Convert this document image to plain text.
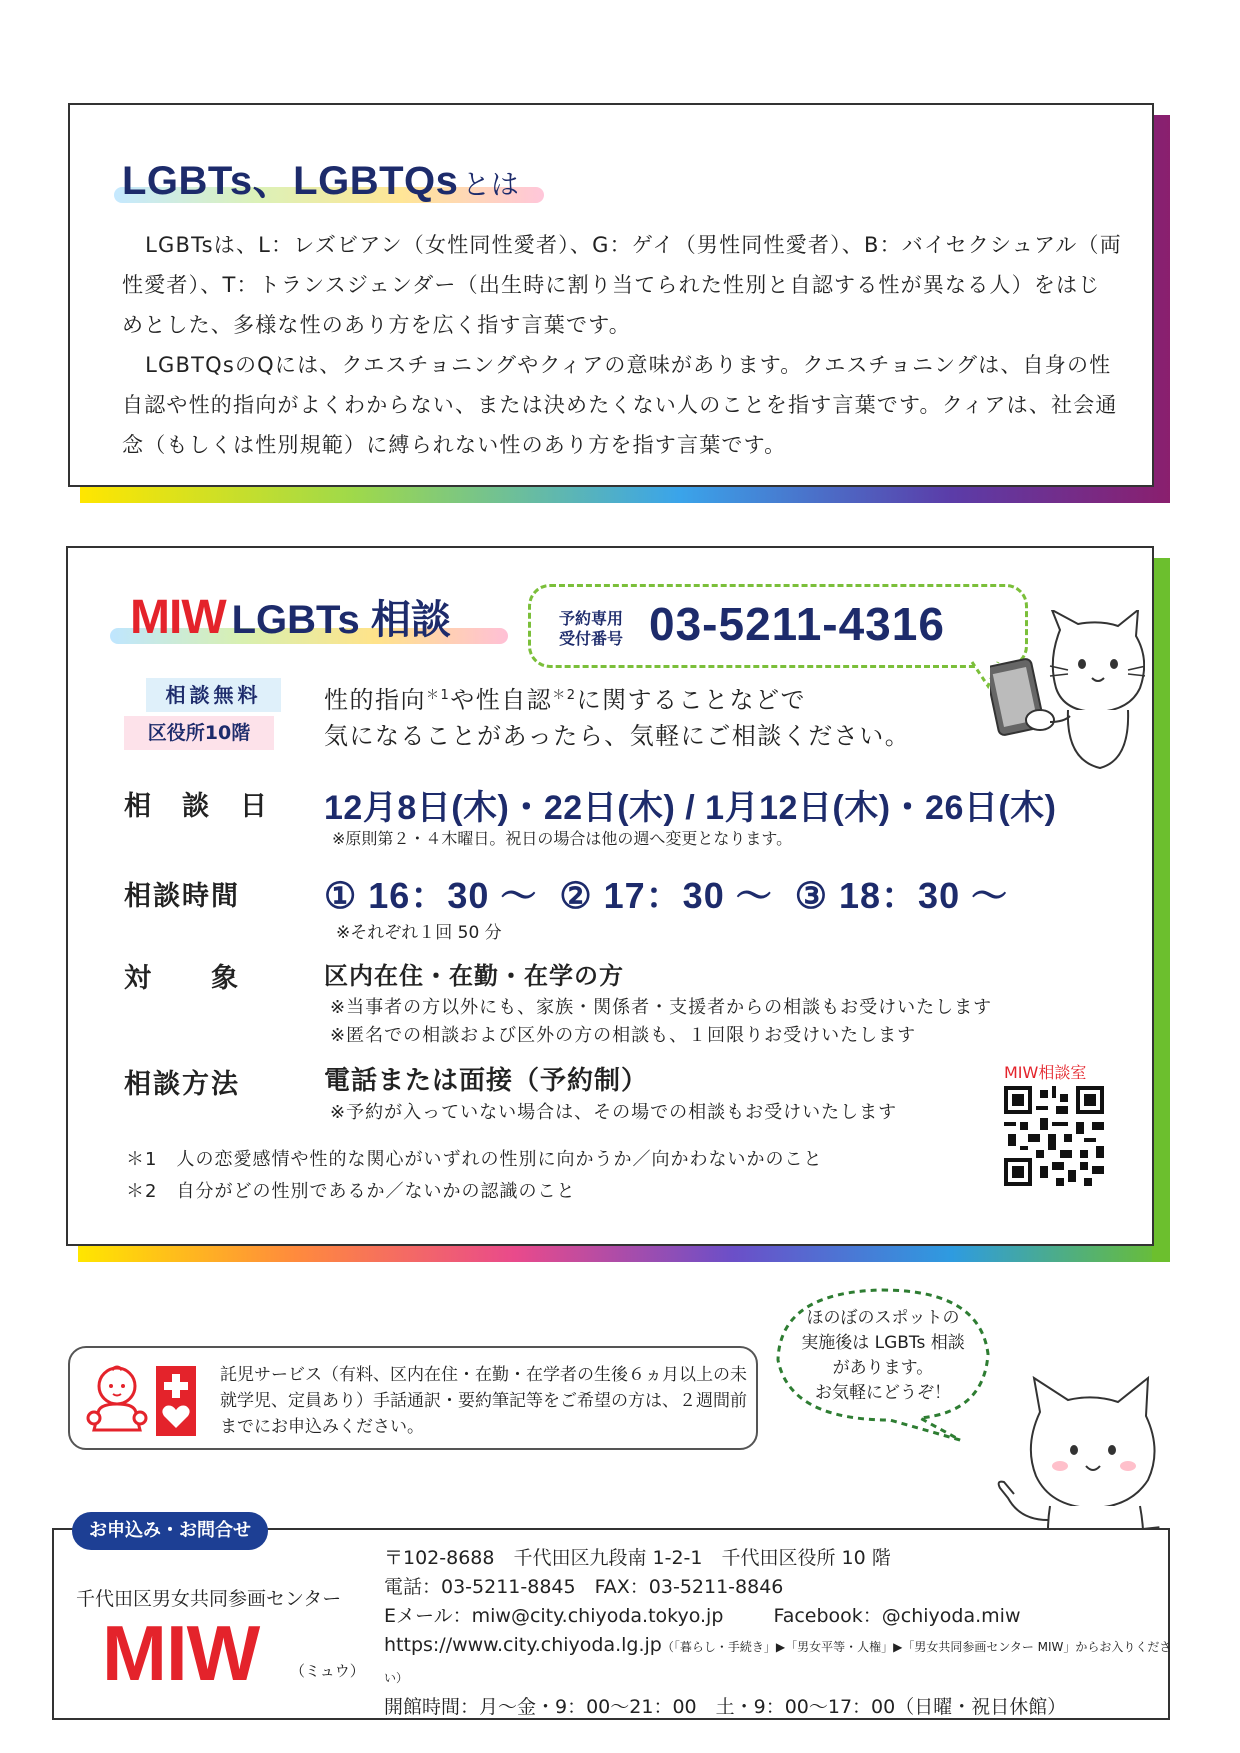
LGBTs、LGBTQs とは

LGBTsは、L：レズビアン（女性同性愛者）、G：ゲイ（男性同性愛者）、B：バイセクシュアル（両性愛者）、T：トランスジェンダー（出生時に割り当てられた性別と自認する性が異なる人）をはじめとした、多様な性のあり方を広く指す言葉です。

LGBTQsのQには、クエスチョニングやクィアの意味があります。クエスチョニングは、自身の性自認や性的指向がよくわからない、または決めたくない人のことを指す言葉です。クィアは、社会通念（もしくは性別規範）に縛られない性のあり方を指す言葉です。

MIW LGBTs 相談	予約専用
受付番号 03-5211-4316
相談無料
区役所10階
性的指向$^{*1}$や性自認$^{*2}$に関することなどで
気になることがあったら、気軽にご相談ください。
相　談　日 12月8日(木)・22日(木) / 1月12日(木)・26日(木)
※原則第２・４木曜日。祝日の場合は他の週へ変更となります。
相談時間 ① 16：30 ～  ② 17：30 ～  ③ 18：30 ～
※それぞれ１回 50 分
対　　象	区内在住・在勤・在学の方
※当事者の方以外にも、家族・関係者・支援者からの相談もお受けいたします
※匿名での相談および区外の方の相談も、１回限りお受けいたします
相談方法	電話または面接（予約制）
※予約が入っていない場合は、その場での相談もお受けいたします
＊1　人の恋愛感情や性的な関心がいずれの性別に向かうか／向かわないかのこと
＊2　自分がどの性別であるか／ないかの認識のこと
MIW相談室
託児サービス（有料、区内在住・在勤・在学者の生後６ヵ月以上の未就学児、定員あり）手話通訳・要約筆記等をご希望の方は、２週間前までにお申込みください。
ほのぼのスポットの
実施後は LGBTs 相談
があります。
お気軽にどうぞ！
千代田区男女共同参画センター
MIW （ミュウ）
〒102-8688　千代田区九段南 1-2-1　千代田区役所 10 階
電話：03-5211-8845　FAX：03-5211-8846
Eメール：miw@city.chiyoda.tokyo.jp 　　	Facebook：@chiyoda.miw
https://www.city.chiyoda.lg.jp（「暮らし・手続き」▶「男女平等・人権」▶「男女共同参画センター MIW」からお入りください）
開館時間：月～金・9：00～21：00　土・9：00～17：00（日曜・祝日休館）
お申込み・お問合せ
